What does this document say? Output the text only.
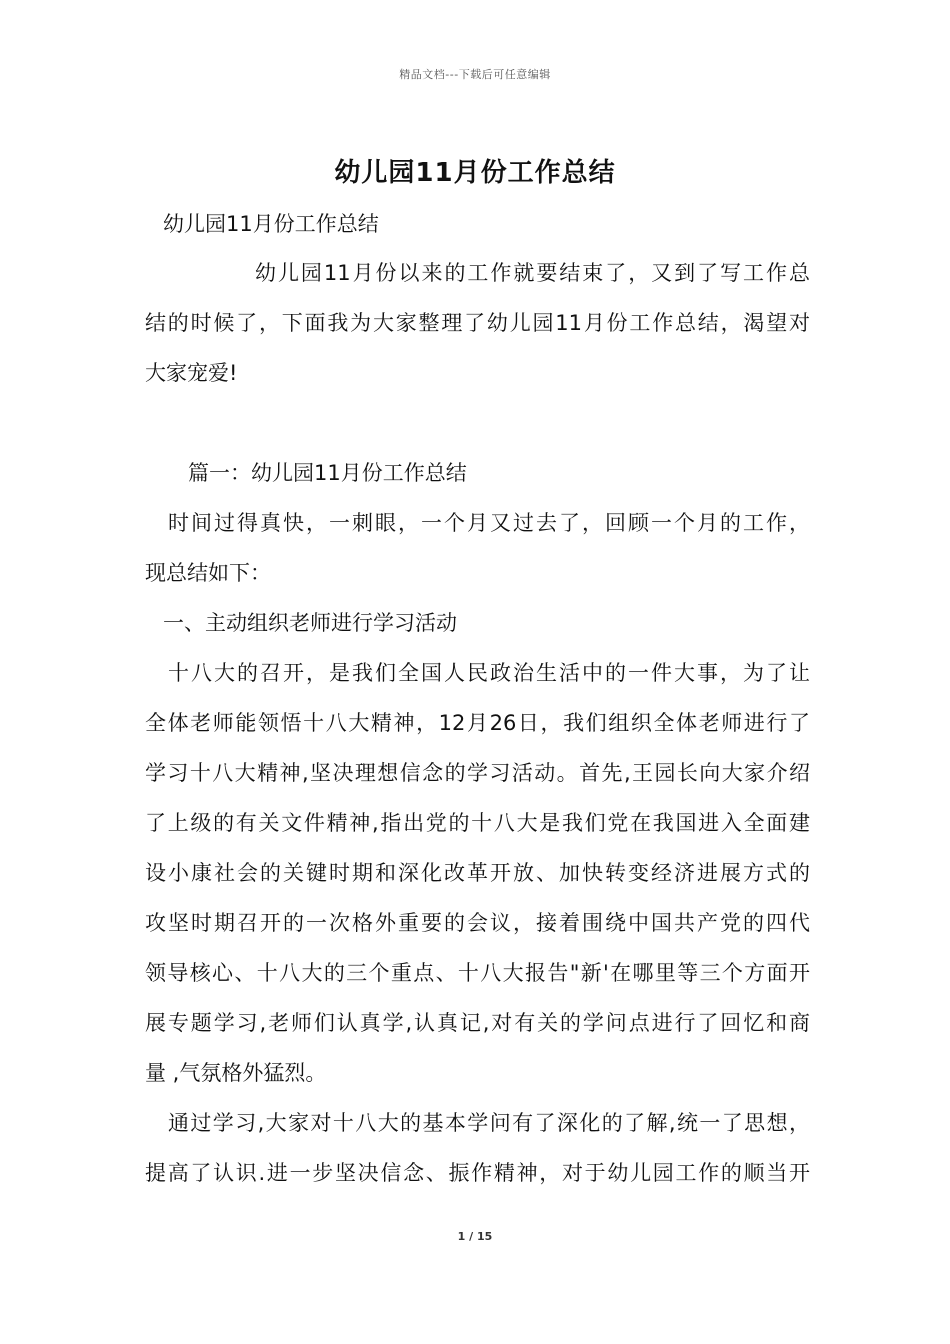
精品文档---下载后可任意编辑
幼儿园11月份工作总结
幼儿园11月份工作总结
幼儿园11月份以来的工作就要结束了，又到了写工作总
结的时候了，下面我为大家整理了幼儿园11月份工作总结，渴望对
大家宠爱!
篇一：幼儿园11月份工作总结
时间过得真快，一刺眼，一个月又过去了，回顾一个月的工作，
现总结如下：
一、主动组织老师进行学习活动
十八大的召开，是我们全国人民政治生活中的一件大事，为了让
全体老师能领悟十八大精神，12月26日，我们组织全体老师进行了
学习十八大精神,坚决理想信念的学习活动。首先,王园长向大家介绍
了上级的有关文件精神,指出党的十八大是我们党在我国进入全面建
设小康社会的关键时期和深化改革开放、加快转变经济进展方式的
攻坚时期召开的一次格外重要的会议，接着围绕中国共产党的四代
领导核心、十八大的三个重点、十八大报告"新'在哪里等三个方面开
展专题学习,老师们认真学,认真记,对有关的学问点进行了回忆和商
量 ,气氛格外猛烈。
通过学习,大家对十八大的基本学问有了深化的了解,统一了思想，
提高了认识.进一步坚决信念、振作精神，对于幼儿园工作的顺当开
1 / 15
